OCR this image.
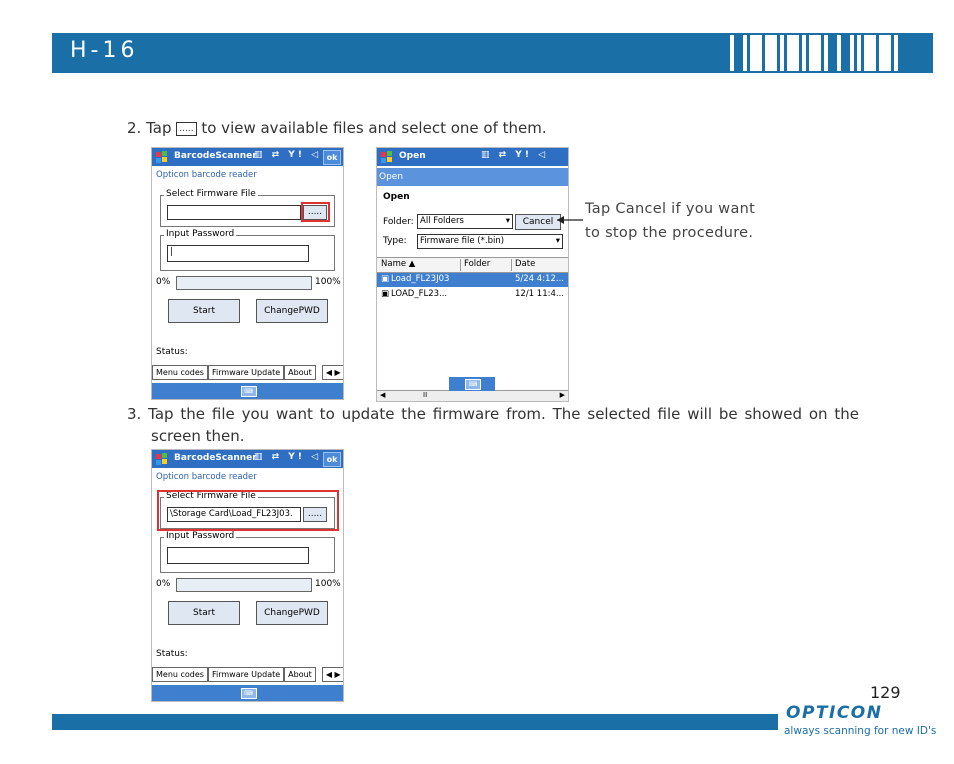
H-16
2. Tap ..... to view available files and select one of them.
BarcodeScanner
▥ ⇄ Y! ◁ ok
Opticon barcode reader
Select Firmware File
.....
Input Password
|
0%	100%
Start	ChangePWD
Status:
Menu codes	Firmware Update	About	◀ ▶
⌨
Open	▥ ⇄ Y! ◁
Open
Open
Folder: All Folders	▾	Cancel
Type:	Firmware file (*.bin)	▾
Name ▲	Folder	Date
▣ Load_FL23J03	5/24 4:12...
▣ LOAD_FL23...	12/1 11:4...
◀	II	▶
⌨
Tap Cancel if you want
to stop the procedure.
3. Tap the file you want to update the firmware from. The selected file will be showed on the
screen then.
BarcodeScanner
▥ ⇄ Y! ◁ ok
Opticon barcode reader
Select Firmware File
\Storage Card\Load_FL23J03.	.....
Input Password
0%	100%
Start	ChangePWD
Status:
Menu codes	Firmware Update	About	◀ ▶
⌨	129
OPTICON
always scanning for new ID's
